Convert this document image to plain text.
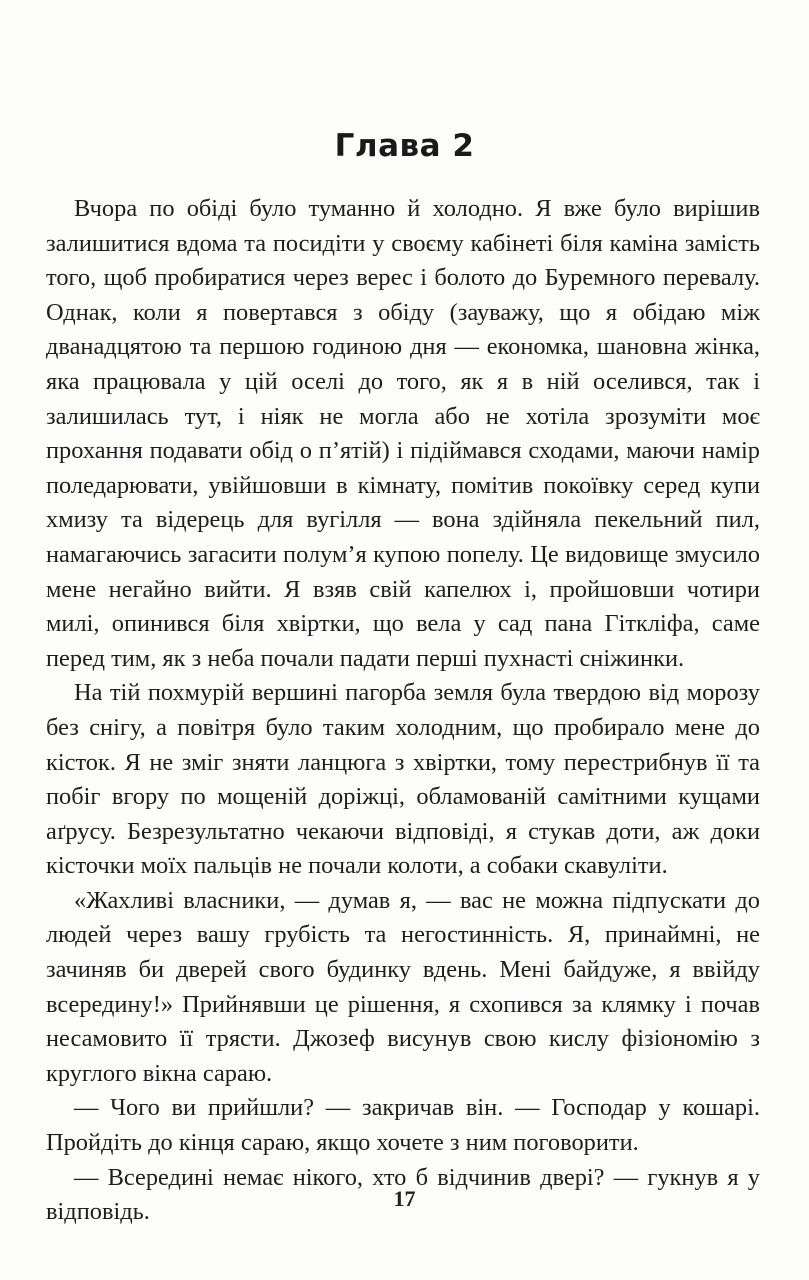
Глава 2

Вчора по обіді було туманно й холодно. Я вже було вирішив залишитися вдома та посидіти у своєму кабінеті біля каміна замість того, щоб пробиратися через верес і болото до Буремного перевалу. Однак, коли я повертався з обіду (зауважу, що я обідаю між дванадцятою та першою годиною дня — економка, шановна жінка, яка працювала у цій оселі до того, як я в ній оселився, так і залишилась тут, і ніяк не могла або не хотіла зрозуміти моє прохання подавати обід о п’ятій) і підіймався сходами, маючи намір поледарювати, увійшовши в кімнату, помітив покоївку серед купи хмизу та відерець для вугілля — вона здійняла пекельний пил, намагаючись загасити полум’я купою попелу. Це видовище змусило мене негайно вийти. Я взяв свій капелюх і, пройшовши чотири милі, опинився біля хвіртки, що вела у сад пана Гіткліфа, саме перед тим, як з неба почали падати перші пухнасті сніжинки.

На тій похмурій вершині пагорба земля була твердою від морозу без снігу, а повітря було таким холодним, що пробирало мене до кісток. Я не зміг зняти ланцюга з хвіртки, тому перестрибнув її та побіг вгору по мощеній доріжці, обламованій самітними кущами аґрусу. Безрезультатно чекаючи відповіді, я стукав доти, аж доки кісточки моїх пальців не почали колоти, а собаки скавуліти.

«Жахливі власники, — думав я, — вас не можна підпускати до людей через вашу грубість та негостинність. Я, принаймні, не зачиняв би дверей свого будинку вдень. Мені байдуже, я ввійду всередину!» Прийнявши це рішення, я схопився за клямку і почав несамовито її трясти. Джозеф висунув свою кислу фізіономію з круглого вікна сараю.

— Чого ви прийшли? — закричав він. — Господар у кошарі. Пройдіть до кінця сараю, якщо хочете з ним поговорити.

— Всередині немає нікого, хто б відчинив двері? — гукнув я у відповідь.	17
